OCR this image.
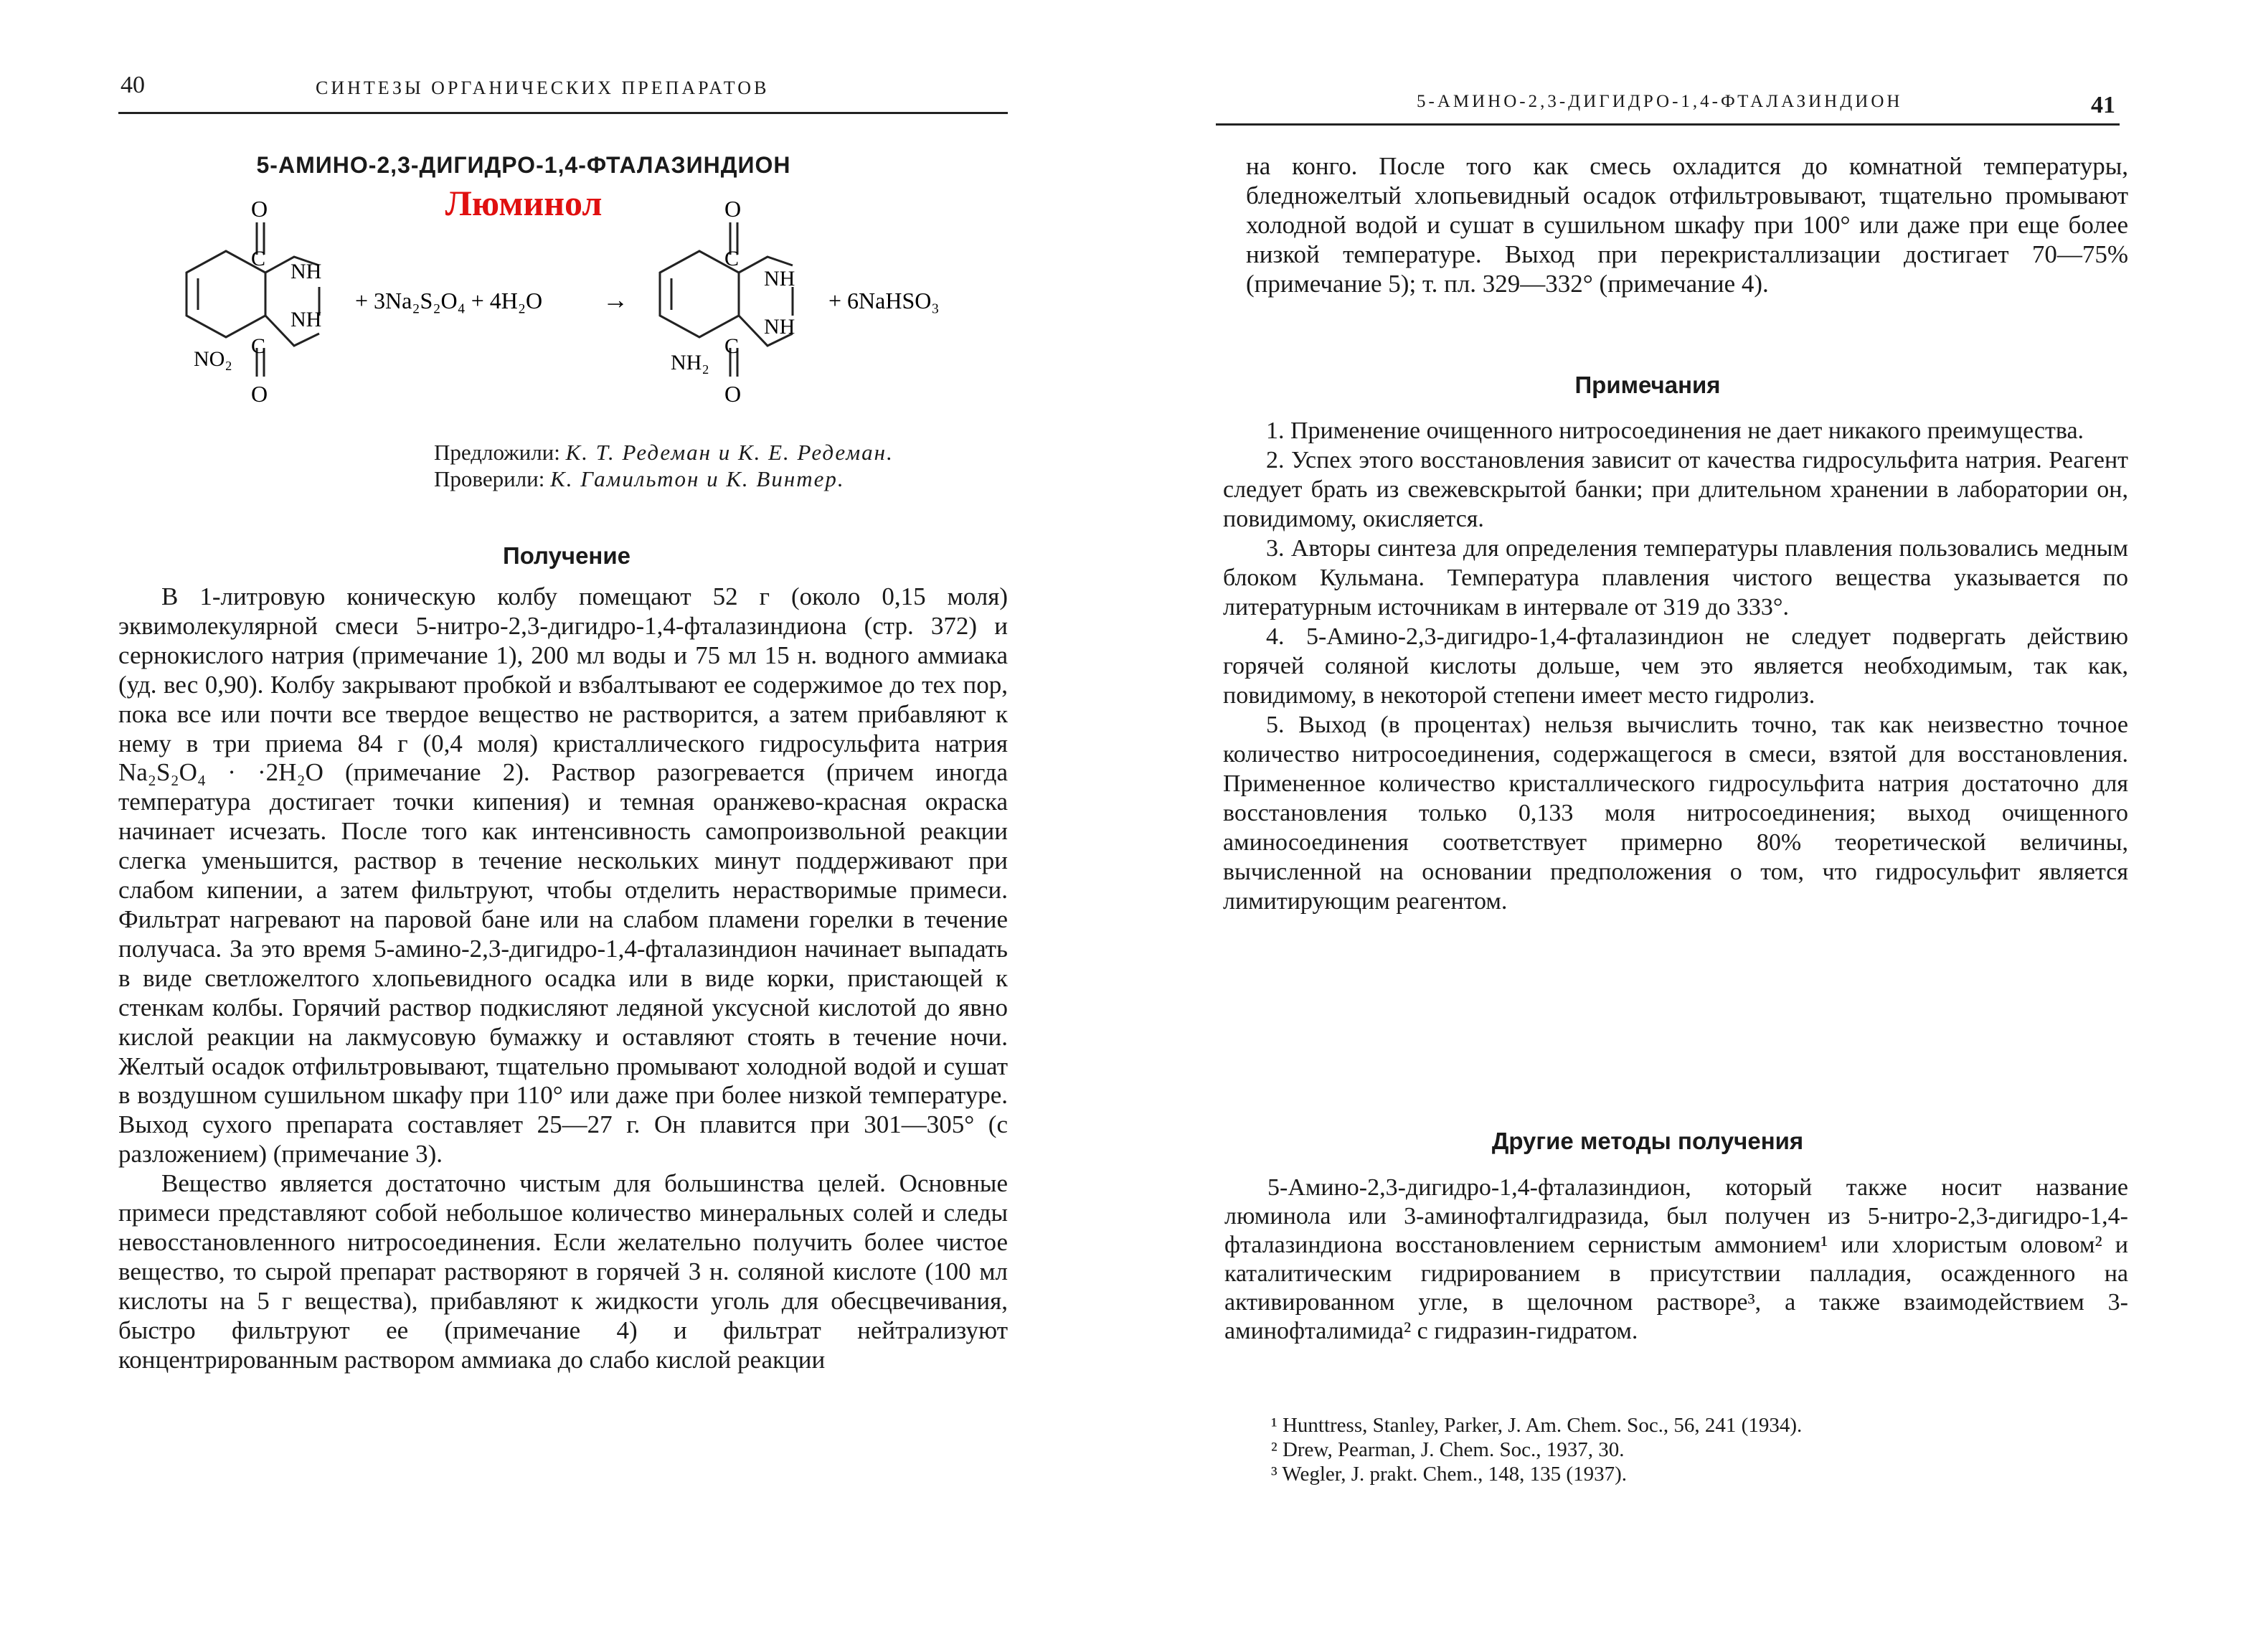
40	СИНТЕЗЫ ОРГАНИЧЕСКИХ ПРЕПАРАТОВ
5-АМИНО-2,3-ДИГИДРО-1,4-ФТАЛАЗИНДИОН
Люминол
O
C
NH
NH
C
O
NO₂
+ 3Na₂S₂O₄ + 4H₂O →
O
C
NH
NH
C
O
NH₂
+ 6NaHSO₃
Предложили: К. Т. Редеман и К. Е. Редеман.
Проверили: К. Гамильтон и К. Винтер.
Получение

В 1-литровую коническую колбу помещают 52 г (около 0,15 моля) эквимолекулярной смеси 5-нитро-2,3-дигидро-1,4-фталазиндиона (стр. 372) и сернокислого натрия (примечание 1), 200 мл воды и 75 мл 15 н. водного аммиака (уд. вес 0,90). Колбу закрывают пробкой и взбалтывают ее содержимое до тех пор, пока все или почти все твердое вещество не растворится, а затем прибавляют к нему в три приема 84 г (0,4 моля) кристаллического гидросульфита натрия Na₂S₂O₄ · ·2H₂O (примечание 2). Раствор разогревается (причем иногда температура достигает точки кипения) и темная оранжево-красная окраска начинает исчезать. После того как интенсивность самопроизвольной реакции слегка уменьшится, раствор в течение нескольких минут поддерживают при слабом кипении, а затем фильтруют, чтобы отделить нерастворимые примеси. Фильтрат нагревают на паровой бане или на слабом пламени горелки в течение получаса. За это время 5-амино-2,3-дигидро-1,4-фталазиндион начинает выпадать в виде светложелтого хлопьевидного осадка или в виде корки, пристающей к стенкам колбы. Горячий раствор подкисляют ледяной уксусной кислотой до явно кислой реакции на лакмусовую бумажку и оставляют стоять в течение ночи. Желтый осадок отфильтровывают, тщательно промывают холодной водой и сушат в воздушном сушильном шкафу при 110° или даже при более низкой температуре. Выход сухого препарата составляет 25—27 г. Он плавится при 301—305° (с разложением) (примечание 3).

Вещество является достаточно чистым для большинства целей. Основные примеси представляют собой небольшое количество минеральных солей и следы невосстановленного нитросоединения. Если желательно получить более чистое вещество, то сырой препарат растворяют в горячей 3 н. соляной кислоте (100 мл кислоты на 5 г вещества), прибавляют к жидкости уголь для обесцвечивания, быстро фильтруют ее (примечание 4) и фильтрат нейтрализуют концентрированным раствором аммиака до слабо кислой реакции

5-АМИНО-2,3-ДИГИДРО-1,4-ФТАЛАЗИНДИОН	41

на конго. После того как смесь охладится до комнатной температуры, бледножелтый хлопьевидный осадок отфильтровывают, тщательно промывают холодной водой и сушат в сушильном шкафу при 100° или даже при еще более низкой температуре. Выход при перекристаллизации достигает 70—75% (примечание 5); т. пл. 329—332° (примечание 4).

Примечания

1. Применение очищенного нитросоединения не дает никакого преимущества.

2. Успех этого восстановления зависит от качества гидросульфита натрия. Реагент следует брать из свежевскрытой банки; при длительном хранении в лаборатории он, повидимому, окисляется.

3. Авторы синтеза для определения температуры плавления пользовались медным блоком Кульмана. Температура плавления чистого вещества указывается по литературным источникам в интервале от 319 до 333°.

4. 5-Амино-2,3-дигидро-1,4-фталазиндион не следует подвергать действию горячей соляной кислоты дольше, чем это является необходимым, так как, повидимому, в некоторой степени имеет место гидролиз.

5. Выход (в процентах) нельзя вычислить точно, так как неизвестно точное количество нитросоединения, содержащегося в смеси, взятой для восстановления. Примененное количество кристаллического гидросульфита натрия достаточно для восстановления только 0,133 моля нитросоединения; выход очищенного аминосоединения соответствует примерно 80% теоретической величины, вычисленной на основании предположения о том, что гидросульфит является лимитирующим реагентом.

Другие методы получения

5-Амино-2,3-дигидро-1,4-фталазиндион, который также носит название люминола или 3-аминофталгидразида, был получен из 5-нитро-2,3-дигидро-1,4-фталазиндиона восстановлением сернистым аммонием¹ или хлористым оловом² и каталитическим гидрированием в присутствии палладия, осажденного на активированном угле, в щелочном растворе³, а также взаимодействием 3-аминофталимида² с гидразин-гидратом.

¹ Hunttress, Stanley, Parker, J. Am. Chem. Soc., 56, 241 (1934).
² Drew, Pearman, J. Chem. Soc., 1937, 30.
³ Wegler, J. prakt. Chem., 148, 135 (1937).
